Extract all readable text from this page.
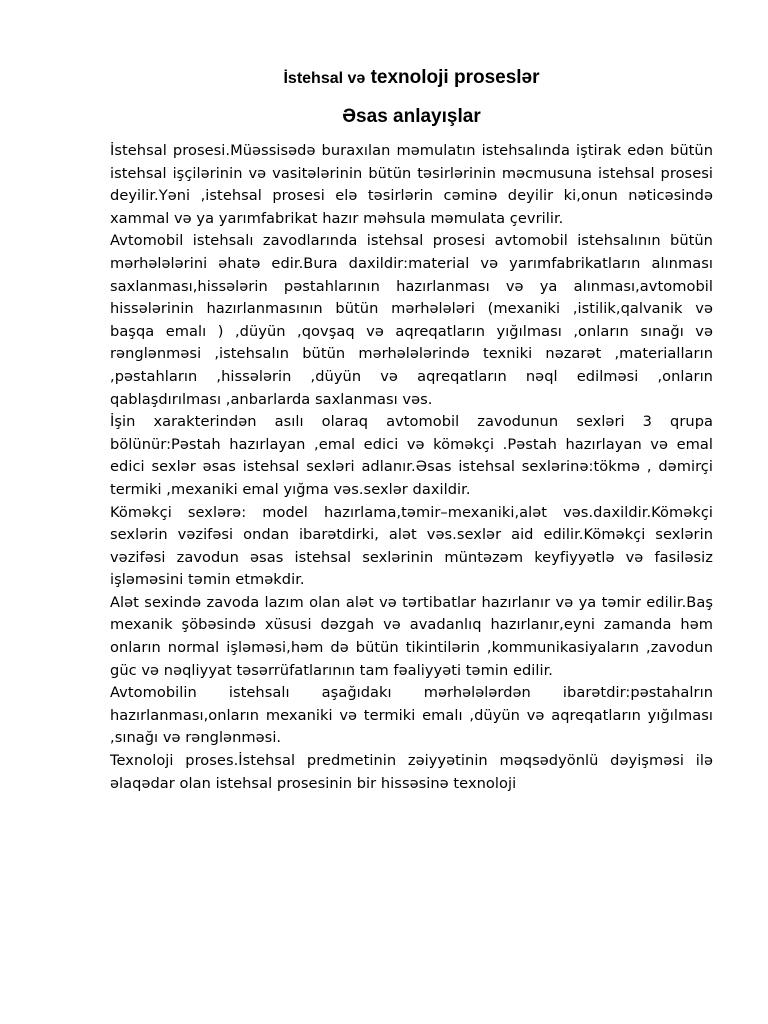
İstehsal və texnoloji proseslər
Əsas anlayışlar

İstehsal prosesi.Müəssisədə buraxılan məmulatın istehsalında iştirak edən bütün istehsal işçilərinin və vasitələrinin bütün təsirlərinin məcmusuna istehsal prosesi deyilir.Yəni ,istehsal prosesi elə təsirlərin cəminə deyilir ki,onun nəticəsində xammal və ya yarımfabrikat hazır məhsula məmulata çevrilir.

Avtomobil istehsalı zavodlarında istehsal prosesi avtomobil istehsalının bütün mərhələlərini əhatə edir.Bura daxildir:material və yarımfabrikatların alınması saxlanması,hissələrin pəstahlarının hazırlanması və ya alınması,avtomobil hissələrinin hazırlanmasının bütün mərhələləri (mexaniki ,istilik,qalvanik və başqa emalı ) ,düyün ,qovşaq və aqreqatların yığılması ,onların sınağı və rənglənməsi ,istehsalın bütün mərhələlərində texniki nəzarət ,materialların ,pəstahların ,hissələrin ,düyün və aqreqatların nəql edilməsi ,onların qablaşdırılması ,anbarlarda saxlanması vəs.

İşin xarakterindən asılı olaraq avtomobil zavodunun sexləri 3 qrupa bölünür:Pəstah hazırlayan ,emal edici və köməkçi .Pəstah hazırlayan və emal edici sexlər əsas istehsal sexləri adlanır.Əsas istehsal sexlərinə:tökmə , dəmirçi termiki ,mexaniki emal yığma vəs.sexlər daxildir.

Köməkçi sexlərə: model hazırlama,təmir–mexaniki,alət vəs.daxildir.Köməkçi sexlərin vəzifəsi ondan ibarətdirki, alət vəs.sexlər aid edilir.Köməkçi sexlərin vəzifəsi zavodun əsas istehsal sexlərinin müntəzəm keyfiyyətlə və fasiləsiz işləməsini təmin etməkdir.

Alət sexində zavoda lazım olan alət və tərtibatlar hazırlanır və ya təmir edilir.Baş mexanik şöbəsində xüsusi dəzgah və avadanlıq hazırlanır,eyni zamanda həm onların normal işləməsi,həm də bütün tikintilərin ,kommunikasiyaların ,zavodun güc və nəqliyyat təsərrüfatlarının tam fəaliyyəti təmin edilir.

Avtomobilin istehsalı aşağıdakı mərhələlərdən ibarətdir:pəstahalrın hazırlanması,onların mexaniki və termiki emalı ,düyün və aqreqatların yığılması ,sınağı və rənglənməsi.

Texnoloji proses.İstehsal predmetinin zəiyyətinin məqsədyönlü dəyişməsi ilə əlaqədar olan istehsal prosesinin bir hissəsinə texnoloji
